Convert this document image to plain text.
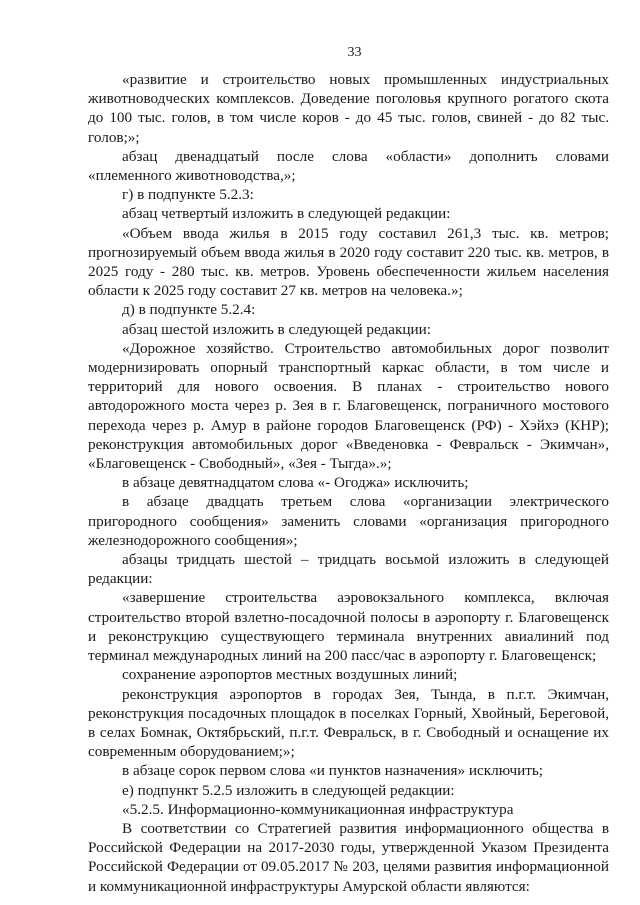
33

«развитие и строительство новых промышленных индустриальных животноводческих комплексов. Доведение поголовья крупного рогатого скота до 100 тыс. голов, в том числе коров - до 45 тыс. голов, свиней - до 82 тыс. голов;»;

абзац двенадцатый после слова «области» дополнить словами «племенного животноводства,»;

г) в подпункте 5.2.3:

абзац четвертый изложить в следующей редакции:

«Объем ввода жилья в 2015 году составил 261,3 тыс. кв. метров; прогнозируемый объем ввода жилья в 2020 году составит 220 тыс. кв. метров, в 2025 году - 280 тыс. кв. метров. Уровень обеспеченности жильем населения области к 2025 году составит 27 кв. метров на человека.»;

д) в подпункте 5.2.4:

абзац шестой изложить в следующей редакции:

«Дорожное хозяйство. Строительство автомобильных дорог позволит модернизировать опорный транспортный каркас области, в том числе и территорий для нового освоения. В планах - строительство нового автодорожного моста через р. Зея в г. Благовещенск, пограничного мостового перехода через р. Амур в районе городов Благовещенск (РФ) - Хэйхэ (КНР); реконструкция автомобильных дорог «Введеновка - Февральск - Экимчан», «Благовещенск - Свободный», «Зея - Тыгда».»;

в абзаце девятнадцатом слова «- Огоджа» исключить;

в абзаце двадцать третьем слова «организации электрического пригородного сообщения» заменить словами «организация пригородного железнодорожного сообщения»;

абзацы тридцать шестой – тридцать восьмой изложить в следующей редакции:

«завершение строительства аэровокзального комплекса, включая строительство второй взлетно-посадочной полосы в аэропорту г. Благовещенск и реконструкцию существующего терминала внутренних авиалиний под терминал международных линий на 200 пасс/час в аэропорту г. Благовещенск;

сохранение аэропортов местных воздушных линий;

реконструкция аэропортов в городах Зея, Тында, в п.г.т. Экимчан, реконструкция посадочных площадок в поселках Горный, Хвойный, Береговой, в селах Бомнак, Октябрьский, п.г.т. Февральск, в г. Свободный и оснащение их современным оборудованием;»;

в абзаце сорок первом слова «и пунктов назначения» исключить;

е) подпункт 5.2.5 изложить в следующей редакции:

«5.2.5. Информационно-коммуникационная инфраструктура

В соответствии со Стратегией развития информационного общества в Российской Федерации на 2017-2030 годы, утвержденной Указом Президента Российской Федерации от 09.05.2017 № 203, целями развития информационной и коммуникационной инфраструктуры Амурской области являются:
